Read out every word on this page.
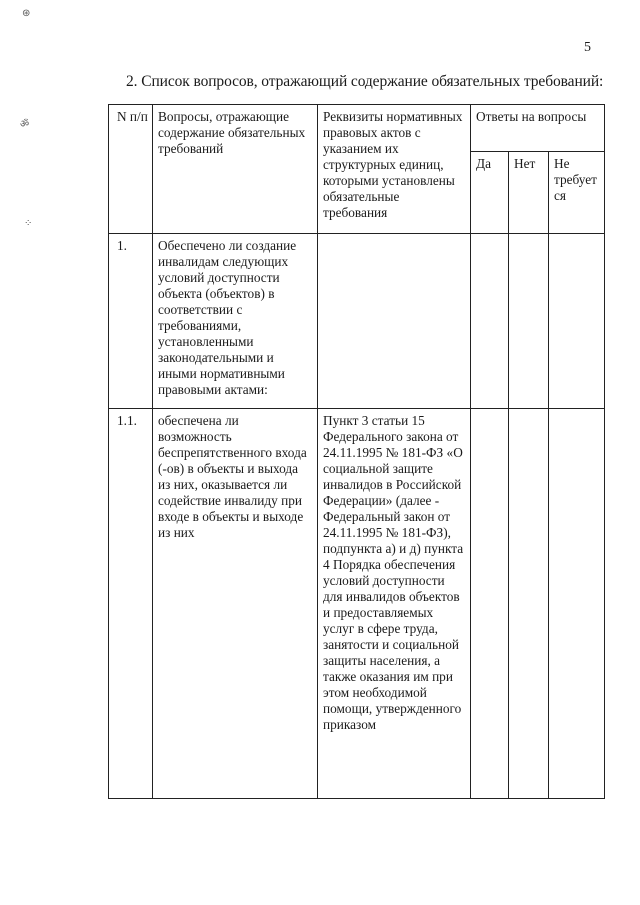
⊛
ॐ
⁘
5
2. Список вопросов, отражающий содержание обязательных требований:
N п/п	Вопросы, отражающие содержание обязательных требований	Реквизиты нормативных правовых актов с указанием их структурных единиц, которыми установлены обязательные требования	Ответы на вопросы		

			Да	Нет	Не требуется

1.	Обеспечено ли создание инвалидам следующих условий доступности объекта (объектов) в соответствии с требованиями, установленными законодательными и иными нормативными правовыми актами:				

1.1.	обеспечена ли возможность беспрепятственного входа (-ов) в объекты и выхода из них, оказывается ли содействие инвалиду при входе в объекты и выходе из них	Пункт 3 статьи 15 Федерального закона от 24.11.1995 № 181-ФЗ «О социальной защите инвалидов в Российской Федерации» (далее - Федеральный закон от 24.11.1995 № 181-ФЗ), подпункта а) и д) пункта 4 Порядка обеспечения условий доступности для инвалидов объектов и предоставляемых услуг в сфере труда, занятости и социальной защиты населения, а также оказания им при этом необходимой помощи, утвержденного приказом			
